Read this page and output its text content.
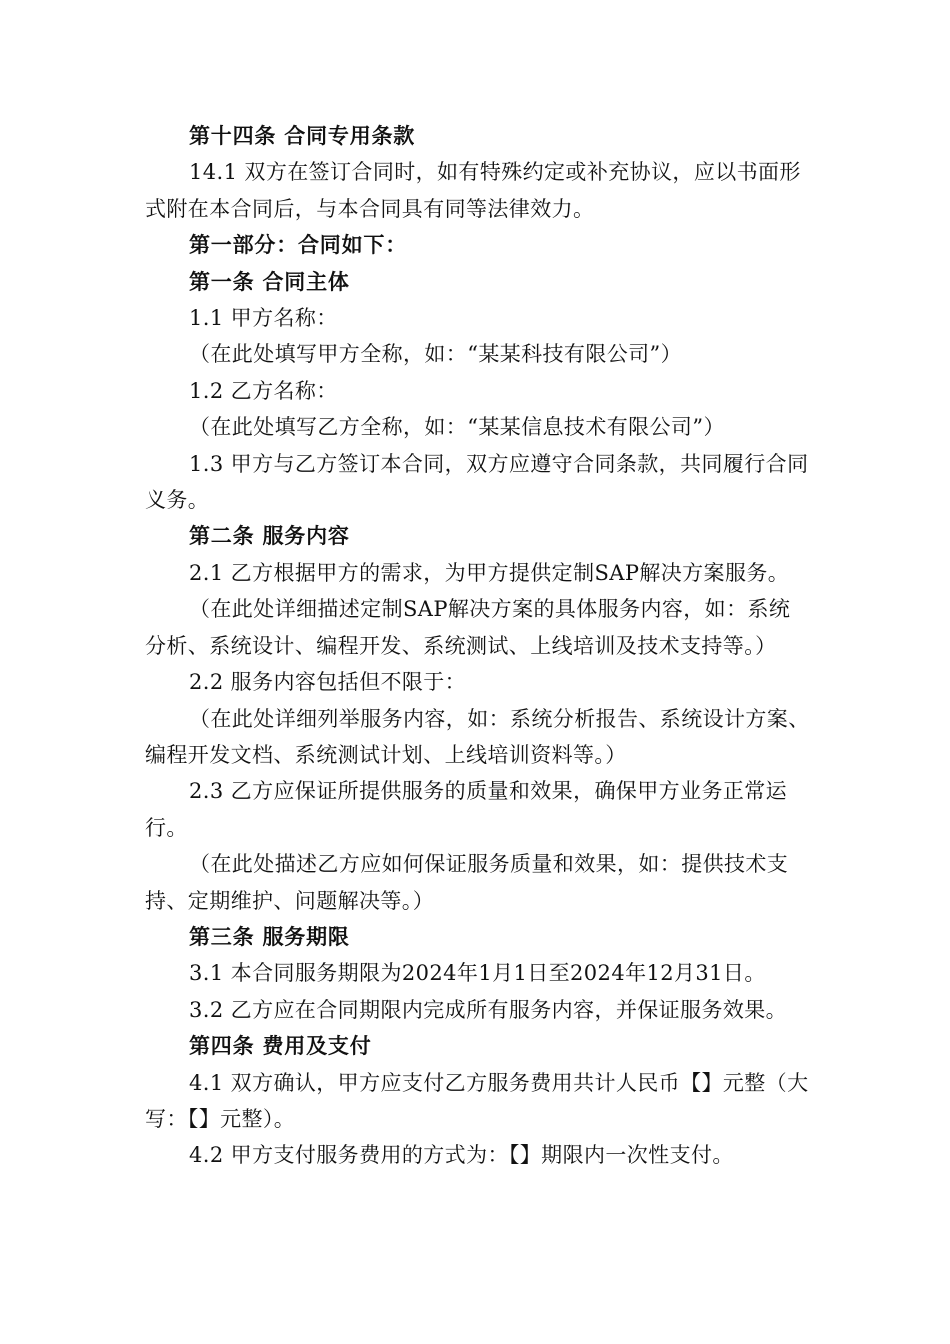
第十四条 合同专用条款

14.1 双方在签订合同时，如有特殊约定或补充协议，应以书面形式附在本合同后，与本合同具有同等法律效力。

第一部分：合同如下：

第一条 合同主体

1.1 甲方名称：

（在此处填写甲方全称，如：“某某科技有限公司”）

1.2 乙方名称：

（在此处填写乙方全称，如：“某某信息技术有限公司”）

1.3 甲方与乙方签订本合同，双方应遵守合同条款，共同履行合同义务。

第二条 服务内容

2.1 乙方根据甲方的需求，为甲方提供定制SAP解决方案服务。

（在此处详细描述定制SAP解决方案的具体服务内容，如：系统分析、系统设计、编程开发、系统测试、上线培训及技术支持等。）

2.2 服务内容包括但不限于：

（在此处详细列举服务内容，如：系统分析报告、系统设计方案、编程开发文档、系统测试计划、上线培训资料等。）

2.3 乙方应保证所提供服务的质量和效果，确保甲方业务正常运行。

（在此处描述乙方应如何保证服务质量和效果，如：提供技术支持、定期维护、问题解决等。）

第三条 服务期限

3.1 本合同服务期限为2024年1月1日至2024年12月31日。

3.2 乙方应在合同期限内完成所有服务内容，并保证服务效果。

第四条 费用及支付

4.1 双方确认，甲方应支付乙方服务费用共计人民币【】元整（大写：【】元整）。

4.2 甲方支付服务费用的方式为：【】期限内一次性支付。
